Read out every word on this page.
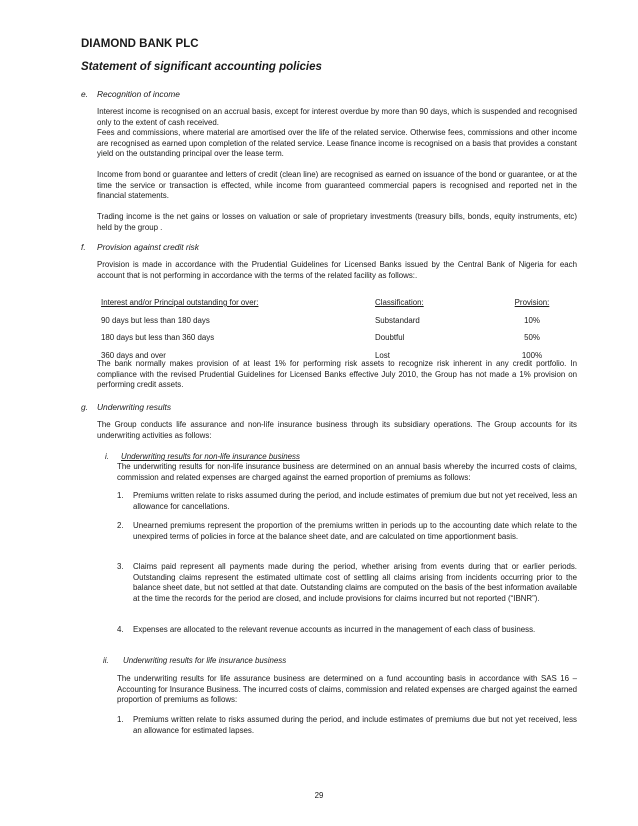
DIAMOND BANK PLC
Statement of significant accounting policies
e. Recognition of income

Interest income is recognised on an accrual basis, except for interest overdue by more than 90 days, which is suspended and recognised only to the extent of cash received.

Fees and commissions, where material are amortised over the life of the related service. Otherwise fees, commissions and other income are recognised as earned upon completion of the related service. Lease finance income is recognised on a basis that provides a constant yield on the outstanding principal over the lease term.

Income from bond or guarantee and letters of credit (clean line) are recognised as earned on issuance of the bond or guarantee, or at the time the service or transaction is effected, while income from guaranteed commercial papers is recognised and reported net in the financial statements.
Trading income is the net gains or losses on valuation or sale of proprietary investments (treasury bills, bonds, equity instruments, etc) held by the group .
f. Provision against credit risk
Provision is made in accordance with the Prudential Guidelines for Licensed Banks issued by the Central Bank of Nigeria for each account that is not performing in accordance with the terms of the related facility as follows:.
Interest and/or Principal outstanding for over:	Classification:	Provision:
90 days but less than 180 days	Substandard	10%
180 days but less than 360 days	Doubtful	50%
360 days and over	Lost	100%
The bank normally makes provision of at least 1% for performing risk assets to recognize risk inherent in any credit portfolio. In compliance with the revised Prudential Guidelines for Licensed Banks effective July 2010, the Group has not made a 1% provision on performing credit assets.
g. Underwriting results
The Group conducts life assurance and non-life insurance business through its subsidiary operations. The Group accounts for its underwriting activities as follows:
i. Underwriting results for non-life insurance business
The underwriting results for non-life insurance business are determined on an annual basis whereby the incurred costs of claims, commission and related expenses are charged against the earned proportion of premiums as follows:
1. Premiums written relate to risks assumed during the period, and include estimates of premium due but not yet received, less an allowance for cancellations.
2. Unearned premiums represent the proportion of the premiums written in periods up to the accounting date which relate to the unexpired terms of policies in force at the balance sheet date, and are calculated on time apportionment basis.
3. Claims paid represent all payments made during the period, whether arising from events during that or earlier periods. Outstanding claims represent the estimated ultimate cost of settling all claims arising from incidents occurring prior to the balance sheet date, but not settled at that date. Outstanding claims are computed on the basis of the best information available at the time the records for the period are closed, and include provisions for claims incurred but not reported (“IBNR”).
4. Expenses are allocated to the relevant revenue accounts as incurred in the management of each class of business.
ii. Underwriting results for life insurance business
The underwriting results for life assurance business are determined on a fund accounting basis in accordance with SAS 16 – Accounting for Insurance Business. The incurred costs of claims, commission and related expenses are charged against the earned proportion of premiums as follows:
1. Premiums written relate to risks assumed during the period, and include estimates of premiums due but not yet received, less an allowance for estimated lapses.
29
